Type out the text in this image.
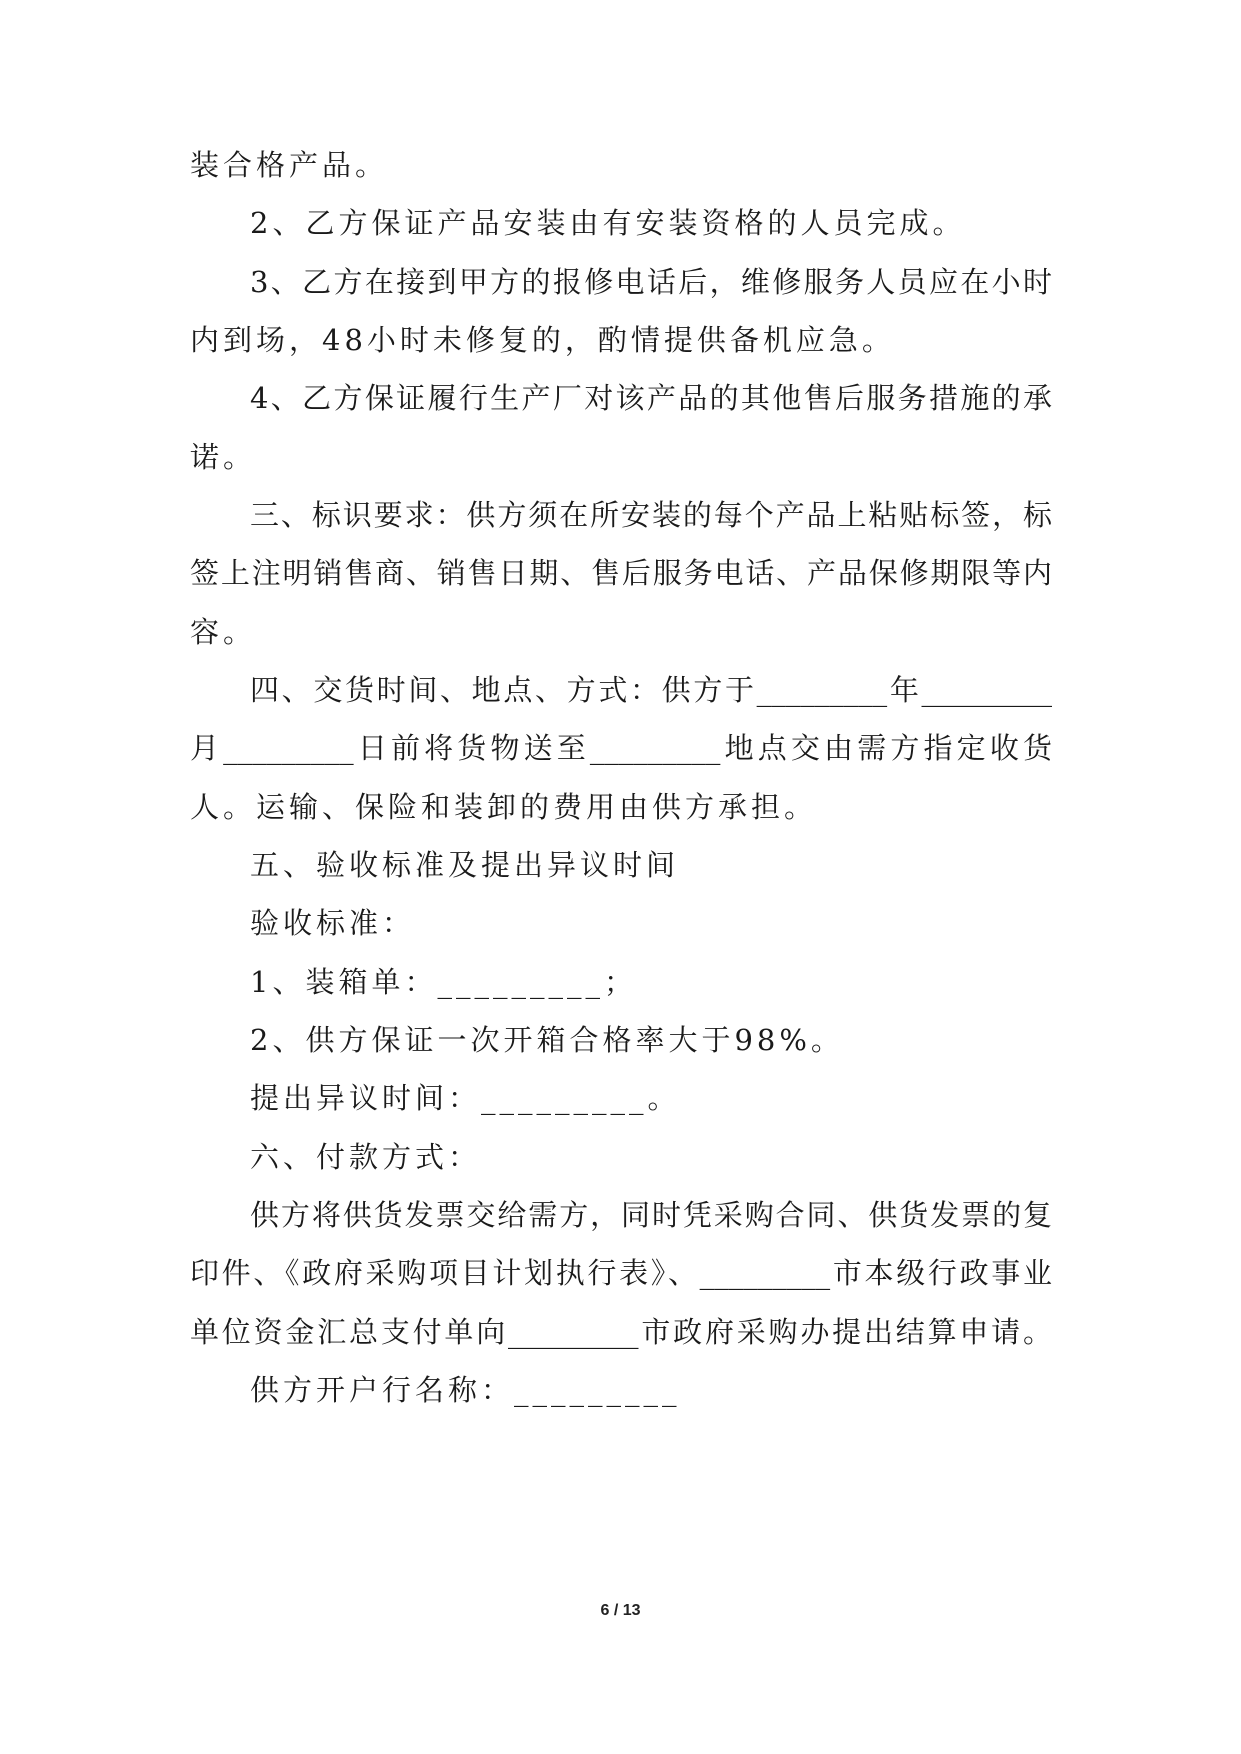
装合格产品。
2、乙方保证产品安装由有安装资格的人员完成。
3、乙方在接到甲方的报修电话后，维修服务人员应在小时
内到场，48小时未修复的，酌情提供备机应急。
4、乙方保证履行生产厂对该产品的其他售后服务措施的承
诺。
三、标识要求：供方须在所安装的每个产品上粘贴标签，标
签上注明销售商、销售日期、售后服务电话、产品保修期限等内
容。
四、交货时间、地点、方式：供方于_________年_________
月_________日前将货物送至_________地点交由需方指定收货
人。运输、保险和装卸的费用由供方承担。
五、验收标准及提出异议时间
验收标准：
1、装箱单：_________；
2、供方保证一次开箱合格率大于98%。
提出异议时间：_________。
六、付款方式：
供方将供货发票交给需方，同时凭采购合同、供货发票的复
印件、《政府采购项目计划执行表》、_________市本级行政事业
单位资金汇总支付单向_________市政府采购办提出结算申请。
供方开户行名称：_________
6 / 13
